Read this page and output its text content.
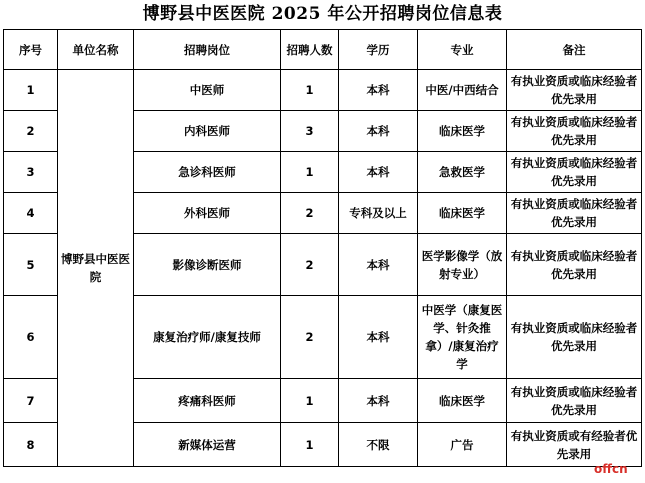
博野县中医医院 2025 年公开招聘岗位信息表
序号	单位名称	招聘岗位	招聘人数	学历	专业	备注
1	博野县中医医院	中医师	1	本科	中医/中西结合	有执业资质或临床经验者优先录用
2		内科医师	3	本科	临床医学	有执业资质或临床经验者优先录用
3		急诊科医师	1	本科	急救医学	有执业资质或临床经验者优先录用
4		外科医师	2	专科及以上	临床医学	有执业资质或临床经验者优先录用
5		影像诊断医师	2	本科	医学影像学（放射专业）	有执业资质或临床经验者优先录用
6		康复治疗师/康复技师	2	本科	中医学（康复医学、针灸推拿）/康复治疗学	有执业资质或临床经验者优先录用
7		疼痛科医师	1	本科	临床医学	有执业资质或临床经验者优先录用
8		新媒体运营	1	不限	广告	有执业资质或有经验者优先录用
offcn
